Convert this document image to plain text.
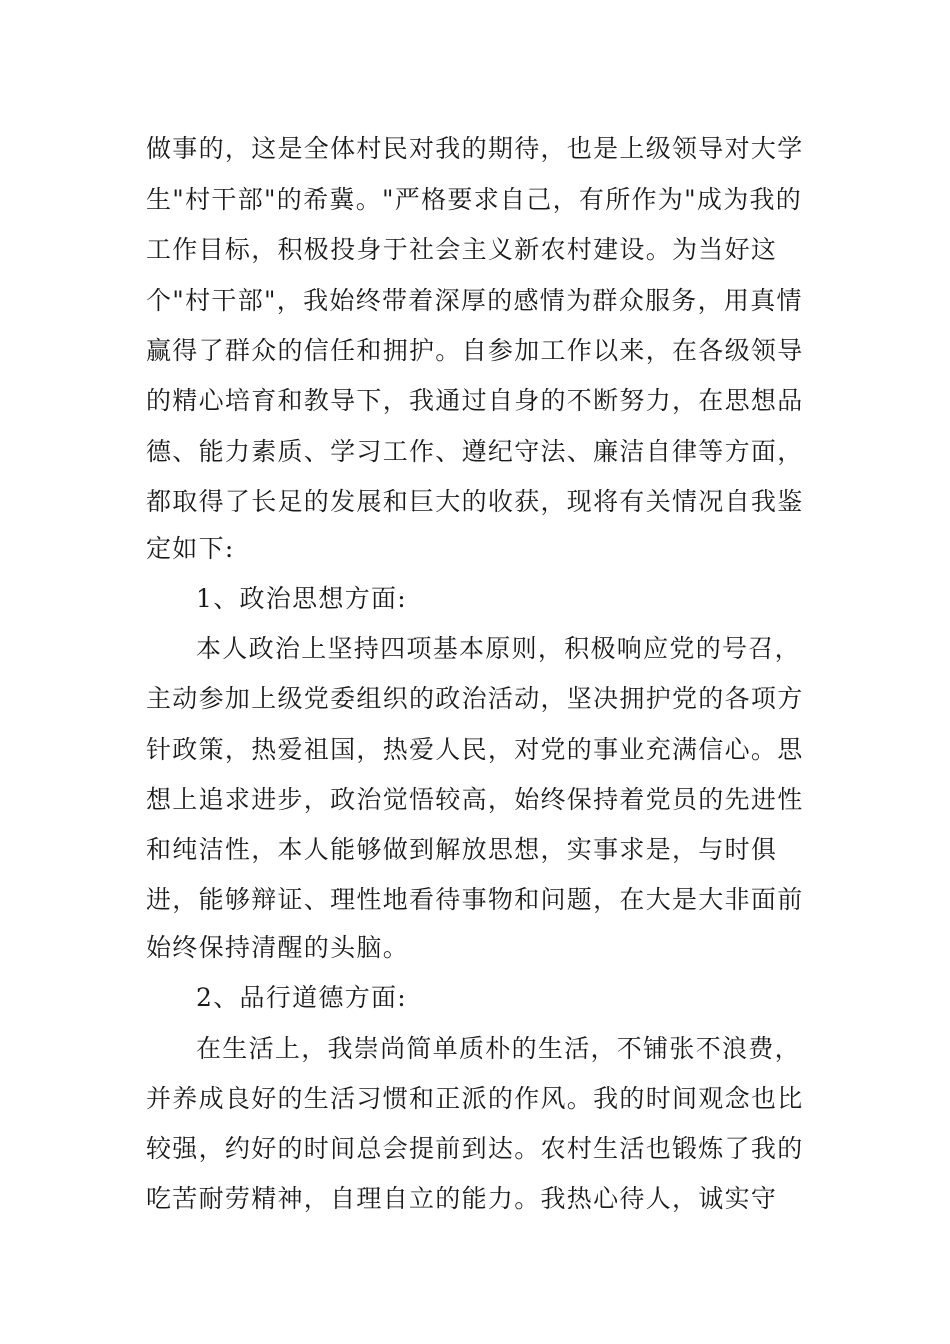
做事的，这是全体村民对我的期待，也是上级领导对大学
生"村干部"的希冀。"严格要求自己，有所作为"成为我的
工作目标，积极投身于社会主义新农村建设。为当好这
个"村干部"，我始终带着深厚的感情为群众服务，用真情
赢得了群众的信任和拥护。自参加工作以来，在各级领导
的精心培育和教导下，我通过自身的不断努力，在思想品
德、能力素质、学习工作、遵纪守法、廉洁自律等方面，
都取得了长足的发展和巨大的收获，现将有关情况自我鉴
定如下:
1、政治思想方面:
本人政治上坚持四项基本原则，积极响应党的号召，
主动参加上级党委组织的政治活动，坚决拥护党的各项方
针政策，热爱祖国，热爱人民，对党的事业充满信心。思
想上追求进步，政治觉悟较高，始终保持着党员的先进性
和纯洁性，本人能够做到解放思想，实事求是，与时俱
进，能够辩证、理性地看待事物和问题，在大是大非面前
始终保持清醒的头脑。
2、品行道德方面:
在生活上，我崇尚简单质朴的生活，不铺张不浪费，
并养成良好的生活习惯和正派的作风。我的时间观念也比
较强，约好的时间总会提前到达。农村生活也锻炼了我的
吃苦耐劳精神，自理自立的能力。我热心待人，诚实守
